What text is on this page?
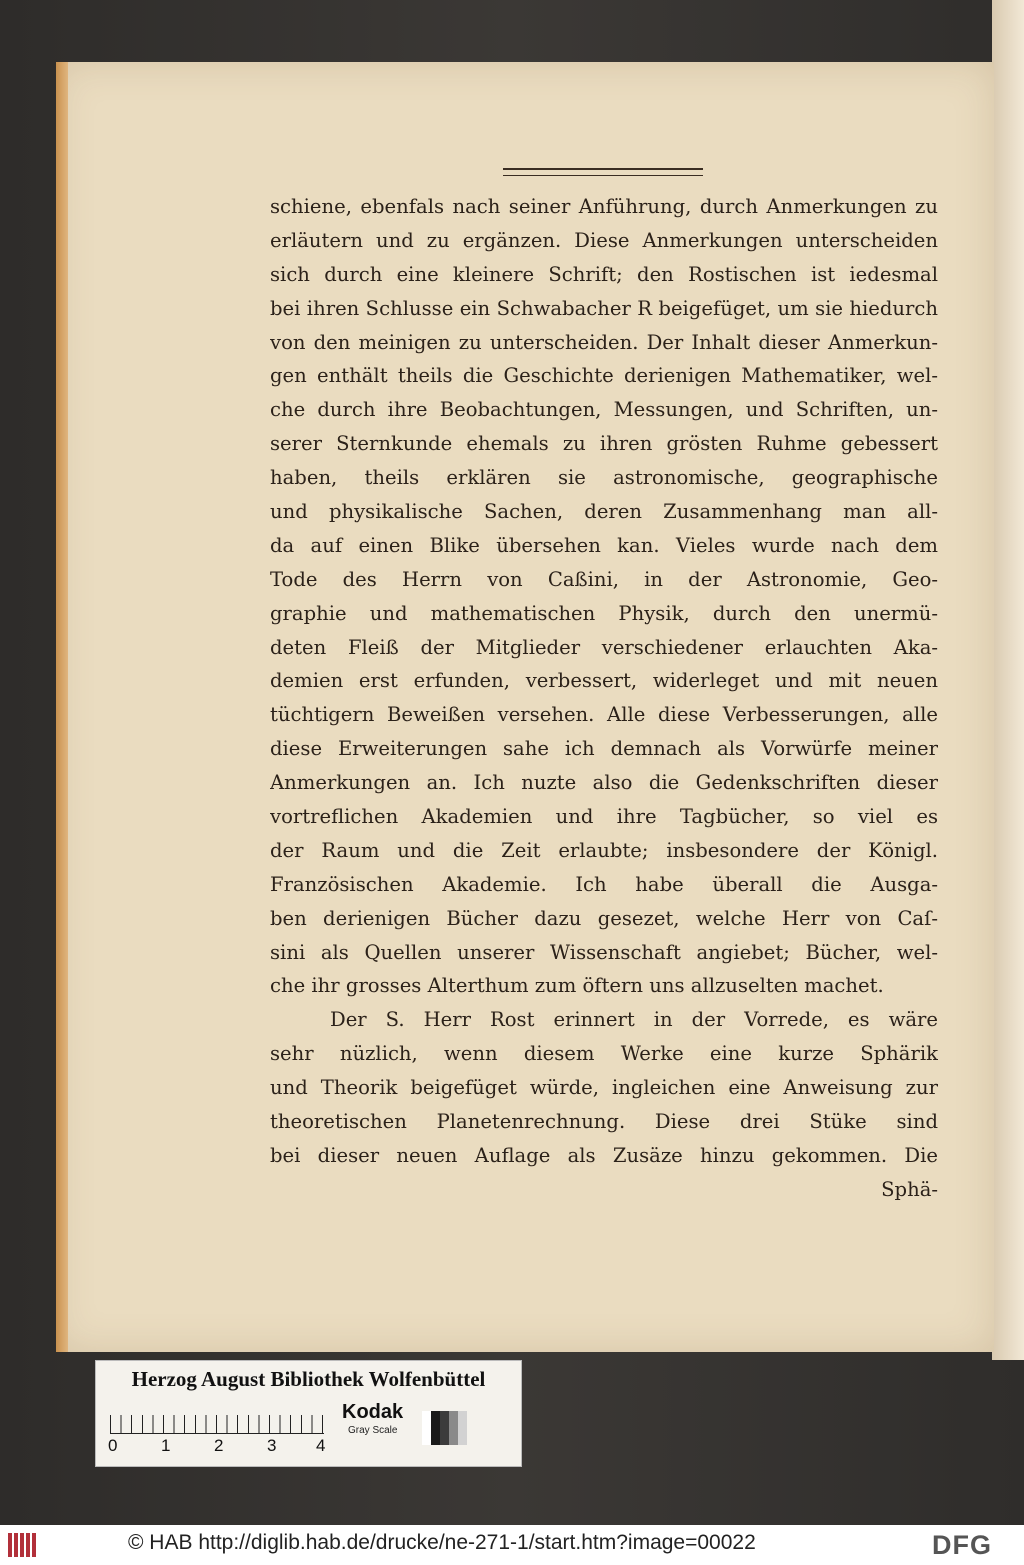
schiene, ebenfals nach seiner Anführung, durch Anmerkungen zu
erläutern und zu ergänzen. Diese Anmerkungen unterscheiden
sich durch eine kleinere Schrift; den Rostischen ist iedesmal
bei ihren Schlusse ein Schwabacher R beigefüget, um sie hiedurch
von den meinigen zu unterscheiden. Der Inhalt dieser Anmerkun-
gen enthält theils die Geschichte derienigen Mathematiker, wel-
che durch ihre Beobachtungen, Messungen, und Schriften, un-
serer Sternkunde ehemals zu ihren grösten Ruhme gebessert
haben, theils erklären sie astronomische, geographische
und physikalische Sachen, deren Zusammenhang man all-
da auf einen Blike übersehen kan. Vieles wurde nach dem
Tode des Herrn von Caßini, in der Astronomie, Geo-
graphie und mathematischen Physik, durch den unermü-
deten Fleiß der Mitglieder verschiedener erlauchten Aka-
demien erst erfunden, verbessert, widerleget und mit neuen
tüchtigern Beweißen versehen. Alle diese Verbesserungen, alle
diese Erweiterungen sahe ich demnach als Vorwürfe meiner
Anmerkungen an. Ich nuzte also die Gedenkschriften dieser
vortreflichen Akademien und ihre Tagbücher, so viel es
der Raum und die Zeit erlaubte; insbesondere der Königl.
Französischen Akademie. Ich habe überall die Ausga-
ben derienigen Bücher dazu gesezet, welche Herr von Caſ-
sini als Quellen unserer Wissenschaft angiebet; Bücher, wel-
che ihr grosses Alterthum zum öftern uns allzuselten machet.
Der S. Herr Rost erinnert in der Vorrede, es wäre
sehr nüzlich, wenn diesem Werke eine kurze Sphärik
und Theorik beigefüget würde, ingleichen eine Anweisung zur
theoretischen Planetenrechnung. Diese drei Stüke sind
bei dieser neuen Auflage als Zusäze hinzu gekommen. Die
Sphä-
Herzog August Bibliothek Wolfenbüttel
0	1	2	3 4
Kodak
Gray Scale
© HAB http://diglib.hab.de/drucke/ne-271-1/start.htm?image=00022	DFG
